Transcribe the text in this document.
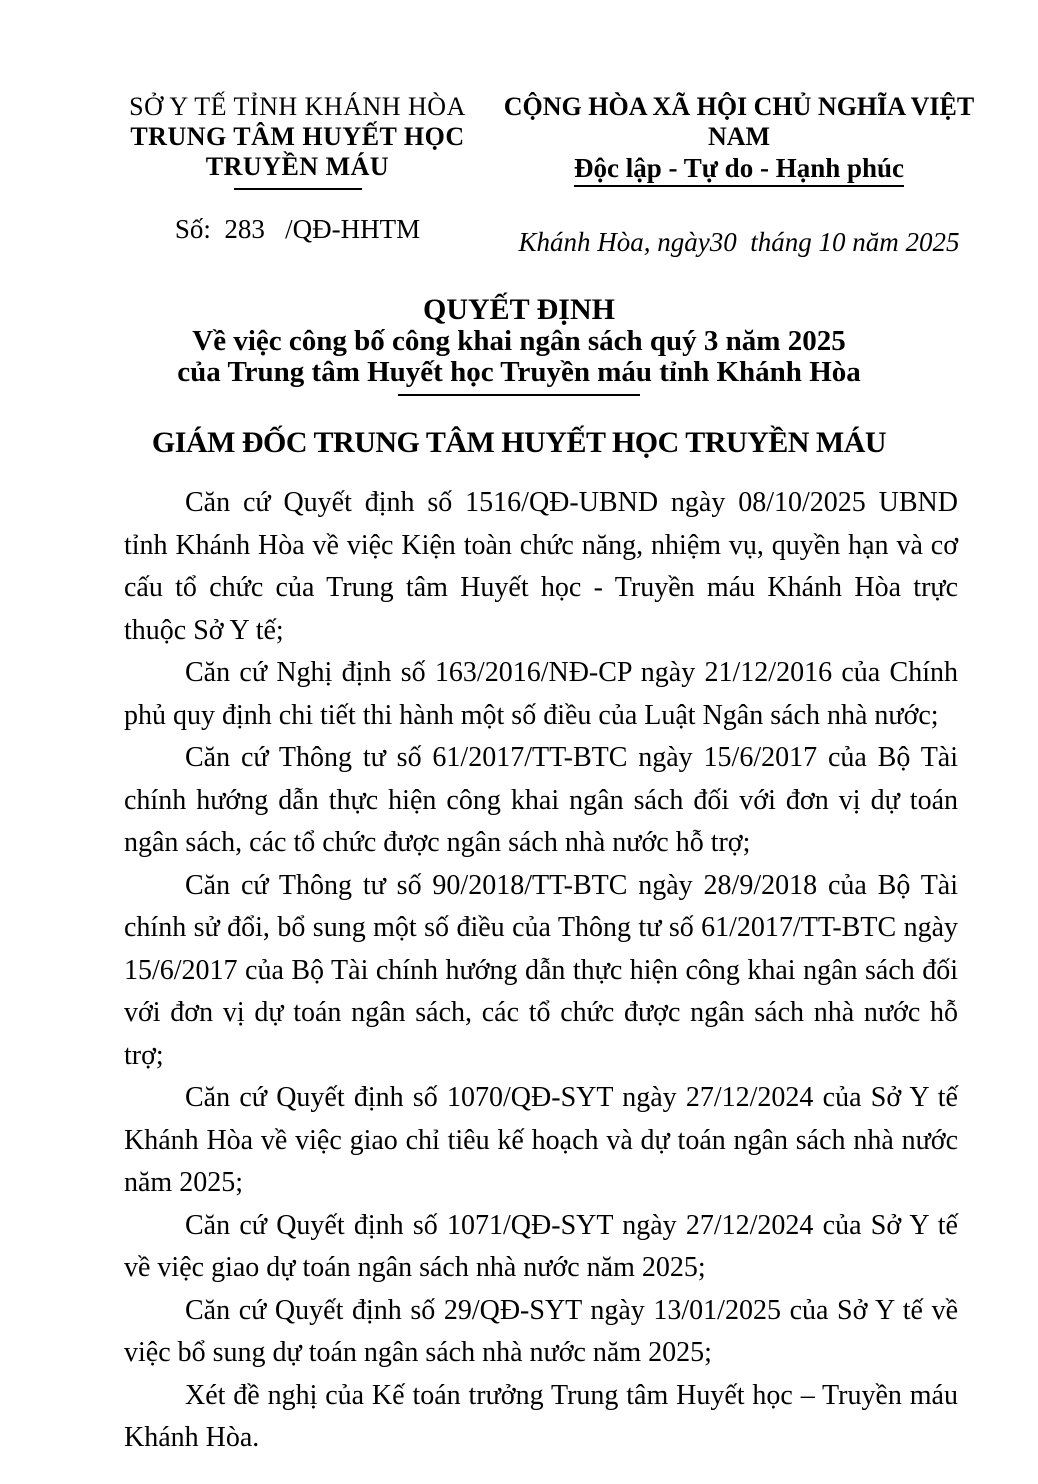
SỞ Y TẾ TỈNH KHÁNH HÒA
TRUNG TÂM HUYẾT HỌC
TRUYỀN MÁU
Số:  283   /QĐ-HHTM
CỘNG HÒA XÃ HỘI CHỦ NGHĨA VIỆT NAM
Độc lập - Tự do - Hạnh phúc
Khánh Hòa, ngày30  tháng 10 năm 2025
QUYẾT ĐỊNH
Về việc công bố công khai ngân sách quý 3 năm 2025
của Trung tâm Huyết học Truyền máu tỉnh Khánh Hòa
GIÁM ĐỐC TRUNG TÂM HUYẾT HỌC TRUYỀN MÁU

Căn cứ Quyết định số 1516/QĐ-UBND ngày 08/10/2025 UBND tỉnh Khánh Hòa về việc Kiện toàn chức năng, nhiệm vụ, quyền hạn và cơ cấu tổ chức của Trung tâm Huyết học - Truyền máu Khánh Hòa trực thuộc Sở Y tế;

Căn cứ Nghị định số 163/2016/NĐ-CP ngày 21/12/2016 của Chính phủ quy định chi tiết thi hành một số điều của Luật Ngân sách nhà nước;

Căn cứ Thông tư số 61/2017/TT-BTC ngày 15/6/2017 của Bộ Tài chính hướng dẫn thực hiện công khai ngân sách đối với đơn vị dự toán ngân sách, các tổ chức được ngân sách nhà nước hỗ trợ;

Căn cứ Thông tư số 90/2018/TT-BTC ngày 28/9/2018 của Bộ Tài chính sử đổi, bổ sung một số điều của Thông tư số 61/2017/TT-BTC ngày 15/6/2017 của Bộ Tài chính hướng dẫn thực hiện công khai ngân sách đối với đơn vị dự toán ngân sách, các tổ chức được ngân sách nhà nước hỗ trợ;

Căn cứ Quyết định số 1070/QĐ-SYT ngày 27/12/2024 của Sở Y tế Khánh Hòa về việc giao chỉ tiêu kế hoạch và dự toán ngân sách nhà nước năm 2025;

Căn cứ Quyết định số 1071/QĐ-SYT ngày 27/12/2024 của Sở Y tế về việc giao dự toán ngân sách nhà nước năm 2025;

Căn cứ Quyết định số 29/QĐ-SYT ngày 13/01/2025 của Sở Y tế về việc bổ sung dự toán ngân sách nhà nước năm 2025;

Xét đề nghị của Kế toán trưởng Trung tâm Huyết học – Truyền máu Khánh Hòa.
